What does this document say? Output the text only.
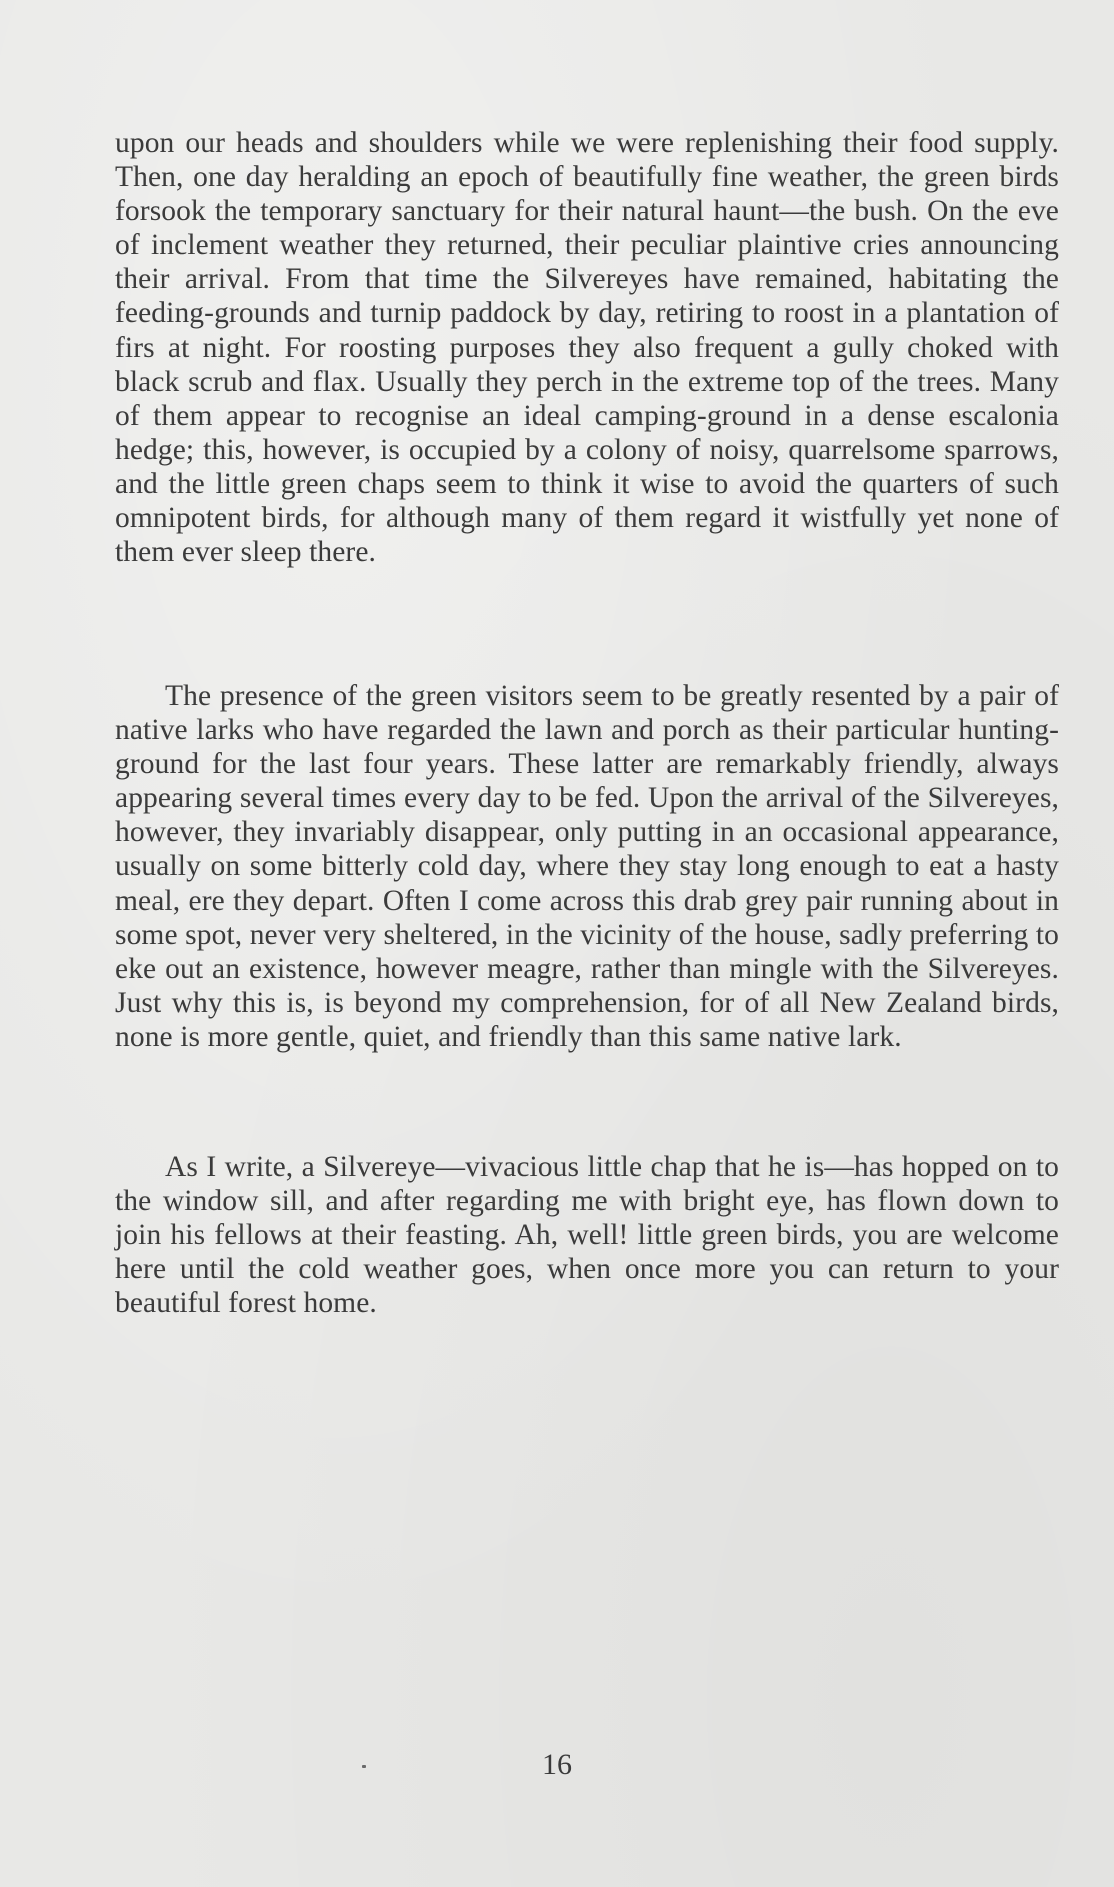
upon our heads and shoulders while we were replenishing their food supply. Then, one day heralding an epoch of beautifully fine weather, the green birds forsook the temporary sanctuary for their natural haunt—the bush. On the eve of inclement weather they returned, their peculiar plaintive cries announcing their arrival. From that time the Silvereyes have remained, habitating the feeding-grounds and turnip paddock by day, retiring to roost in a plantation of firs at night. For roosting purposes they also frequent a gully choked with black scrub and flax. Usually they perch in the extreme top of the trees. Many of them appear to recognise an ideal camping-ground in a dense escalonia hedge; this, however, is occupied by a colony of noisy, quarrelsome sparrows, and the little green chaps seem to think it wise to avoid the quarters of such omnipotent birds, for although many of them regard it wistfully yet none of them ever sleep there.

The presence of the green visitors seem to be greatly resented by a pair of native larks who have regarded the lawn and porch as their particular hunting-ground for the last four years. These latter are remarkably friendly, always appearing several times every day to be fed. Upon the arrival of the Silvereyes, however, they invariably disappear, only putting in an occasional appearance, usually on some bitterly cold day, where they stay long enough to eat a hasty meal, ere they depart. Often I come across this drab grey pair running about in some spot, never very sheltered, in the vicinity of the house, sadly preferring to eke out an existence, however meagre, rather than mingle with the Silvereyes. Just why this is, is beyond my comprehension, for of all New Zealand birds, none is more gentle, quiet, and friendly than this same native lark.

As I write, a Silvereye—vivacious little chap that he is—has hopped on to the window sill, and after regarding me with bright eye, has flown down to join his fellows at their feasting. Ah, well! little green birds, you are welcome here until the cold weather goes, when once more you can return to your beautiful forest home.

16
